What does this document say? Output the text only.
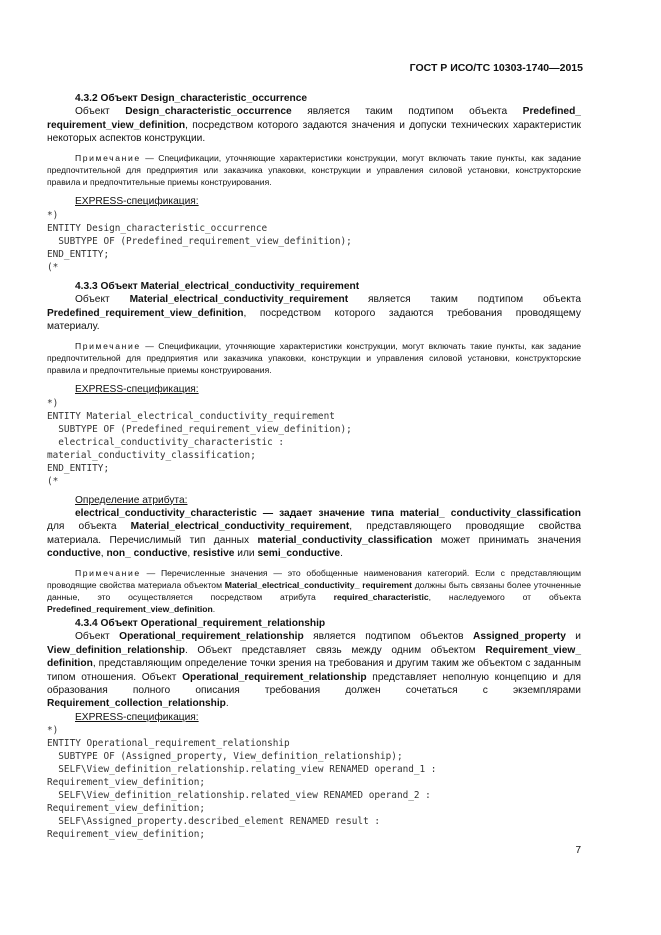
ГОСТ Р ИСО/ТС 10303-1740—2015
4.3.2 Объект Design_characteristic_occurrence

Объект Design_characteristic_occurrence является таким подтипом объекта Predefined_ requirement_view_definition, посредством которого задаются значения и допуски технических характеристик некоторых аспектов конструкции.

Примечание — Спецификации, уточняющие характеристики конструкции, могут включать такие пункты, как задание предпочтительной для предприятия или заказчика упаковки, конструкции и управления силовой установки, конструкторские правила и предпочтительные приемы конструирования.

EXPRESS-спецификация:
*)
ENTITY Design_characteristic_occurrence
SUBTYPE OF (Predefined_requirement_view_definition);
END_ENTITY;
(*
4.3.3 Объект Material_electrical_conductivity_requirement

Объект Material_electrical_conductivity_requirement является таким подтипом объекта Predefined_requirement_view_definition, посредством которого задаются требования проводящему материалу.

Примечание — Спецификации, уточняющие характеристики конструкции, могут включать такие пункты, как задание предпочтительной для предприятия или заказчика упаковки, конструкции и управления силовой установки, конструкторские правила и предпочтительные приемы конструирования.

EXPRESS-спецификация:
*)
ENTITY Material_electrical_conductivity_requirement
SUBTYPE OF (Predefined_requirement_view_definition);
electrical_conductivity_characteristic :
material_conductivity_classification;
END_ENTITY;
(*
Определение атрибута:

electrical_conductivity_characteristic — задает значение типа material_ conductivity_classification для объекта Material_electrical_conductivity_requirement, представляющего проводящие свойства материала. Перечислимый тип данных material_conductivity_classification может принимать значения conductive, non_ conductive, resistive или semi_conductive.

Примечание — Перечисленные значения — это обобщенные наименования категорий. Если с представляющим проводящие свойства материала объектом Material_electrical_conductivity_ requirement должны быть связаны более уточненные данные, это осуществляется посредством атрибута required_characteristic, наследуемого от объекта Predefined_requirement_view_definition.

4.3.4 Объект Operational_requirement_relationship

Объект Operational_requirement_relationship является подтипом объектов Assigned_property и View_definition_relationship. Объект представляет связь между одним объектом Requirement_view_ definition, представляющим определение точки зрения на требования и другим таким же объектом с заданным типом отношения. Объект Operational_requirement_relationship представляет неполную концепцию и для образования полного описания требования должен сочетаться с экземплярами Requirement_collection_relationship.

EXPRESS-спецификация:
*)
ENTITY Operational_requirement_relationship
SUBTYPE OF (Assigned_property, View_definition_relationship);
SELF\View_definition_relationship.relating_view RENAMED operand_1 :
Requirement_view_definition;
SELF\View_definition_relationship.related_view RENAMED operand_2 :
Requirement_view_definition;
SELF\Assigned_property.described_element RENAMED result :
Requirement_view_definition;
7
